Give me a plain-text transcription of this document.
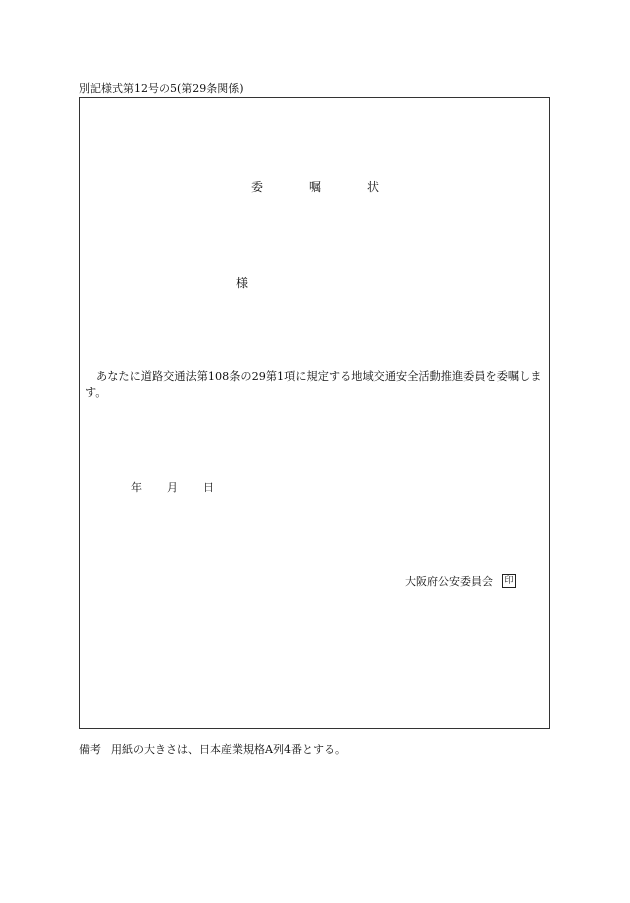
別記様式第12号の5(第29条関係)
委	嘱	状
様
あなたに道路交通法第108条の29第1項に規定する地域交通安全活動推進委員を委嘱します。
年	月	日
大阪府公安委員会 印
備考 用紙の大きさは、日本産業規格A列4番とする。
